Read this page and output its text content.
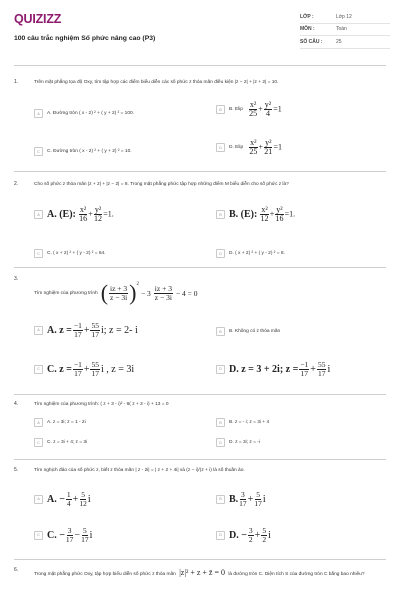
QUIZIZZ
100 câu trắc nghiệm Số phức nâng cao (P3)
LỚP :	Lớp 12
MÔN :	Toán
SỐ CÂU :	25
1.	Trên mặt phẳng tọa độ Oxy, tìm tập hợp các điểm biểu diễn các số phức z thỏa mãn điều kiện |z − 2| + |z + 2| = 10.
A	A. Đường tròn ( x - 2) ² + ( y + 2) ² = 100.
B	B. Elip $\frac{\text{x²}}{25} + \frac{\text{y²}}{4} =1$
C	C. Đường tròn ( x - 2) ² + ( y + 2) ² = 10.
D	D. Elip $\frac{\text{x²}}{25} + \frac{\text{y²}}{21} =1$
2.	Cho số phức z thỏa mãn |z + 2| + |z − 2| = 8. Trong mặt phẳng phức tập hợp những điểm M biểu diễn cho số phức z là?
A A. (E): $\frac{\text{x²}}{16} + \frac{\text{y²}}{12} =1$.	B B. (E): $\frac{\text{x²}}{12} + \frac{\text{y²}}{16} =1$.
C	C. ( x + 2) ² + ( y - 2) ² = 64.	D	D. ( x + 2) ² + ( y - 2) ² = 8.
3.
Tìm nghiệm của phương trình ( $\frac{iz + 3}{z - 3i} )^2$
− $3 \frac{iz + 3}{z - 3i} - 4 = 0$
A A. $z = \frac{-1}{17} + \frac{55}{17} i$; z = 2- i	B	B. Không có z thỏa mãn
C C. $z = \frac{-1}{17} + \frac{55}{17}$ i , z = 3i	D D. z = 3 + 2i; $z = \frac{-1}{17} + \frac{55}{17}$ i
4.	Tìm nghiệm của phương trình: ( z + 3 - i)² - 6( z + 3 - i) + 13 = 0
A	A. z = 3i; z = 1 - 2i	B	B. z = - i; z = 3i + 4
C	C. z = 3i + 4; z = 3i	D	D. z = 3i; z = -i
5.	Tìm nghịch đảo của số phức z, biết z thỏa mãn | z - 2i| = | z + 2 + 4i| và (z − i)/(z + i) là số thuần ảo.
A A. − $\frac{1}{4} + \frac{5}{12}$ i	B B. $\frac{3}{17} + \frac{5}{17}$ i
C C. − $\frac{3}{17} - \frac{5}{17}$ i	D D. − $\frac{3}{2} + \frac{5}{2}$ i
6.
Trong mặt phẳng phức Oxy, tập hợp biểu diễn số phức z thỏa mãn |z|² + z + z̄ = 0 là đường tròn C. Diện tích S của đường tròn C bằng bao nhiêu?
